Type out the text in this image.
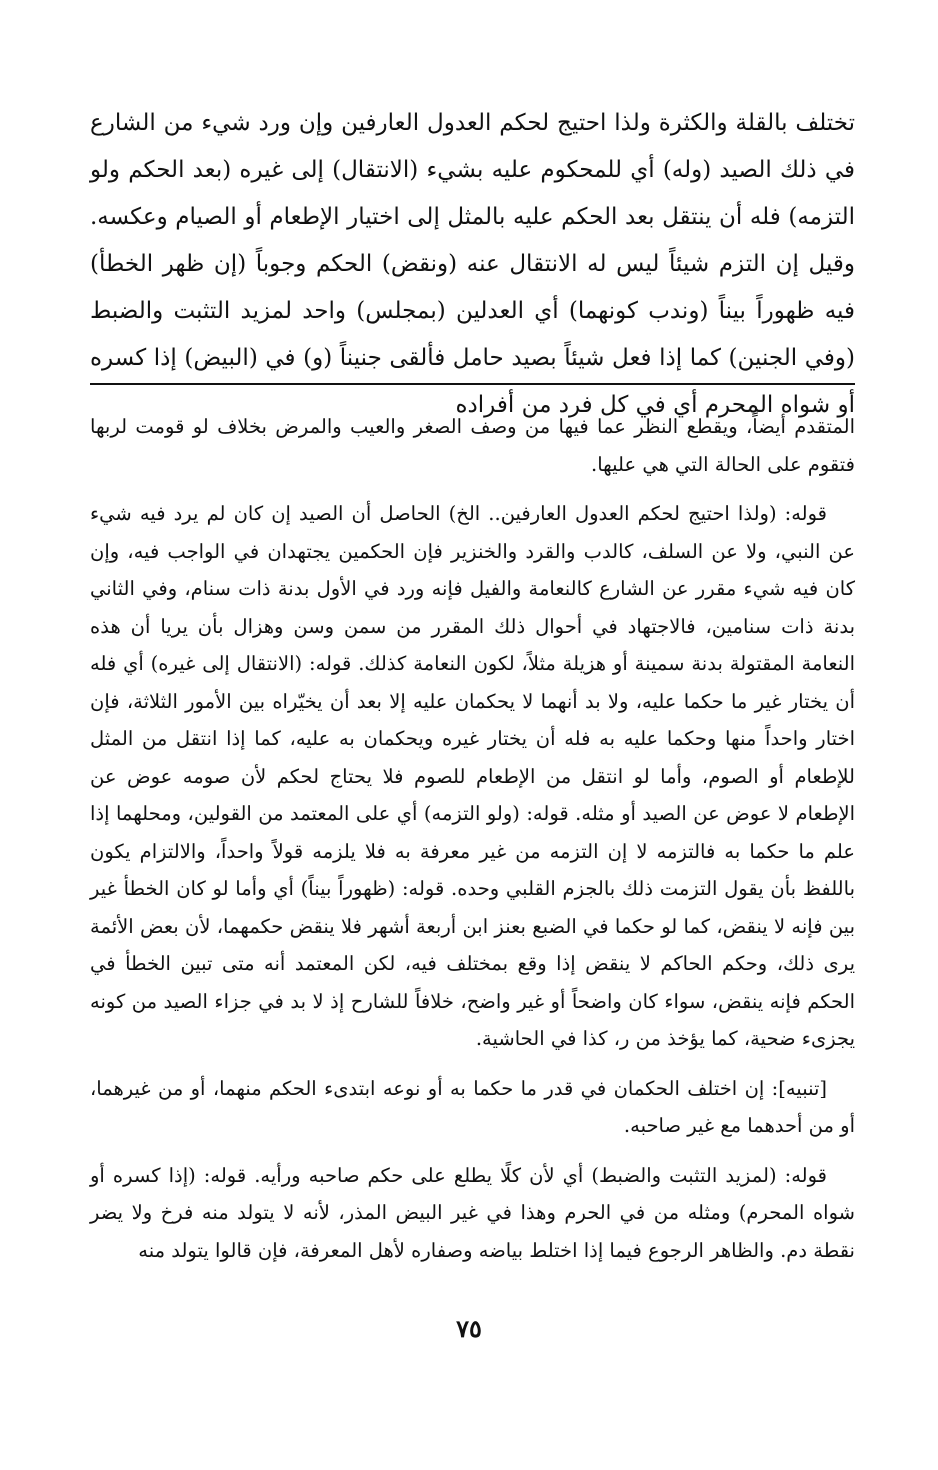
تختلف بالقلة والكثرة ولذا احتيج لحكم العدول العارفين وإن ورد شيء من الشارع في ذلك الصيد (وله) أي للمحكوم عليه بشيء (الانتقال) إلى غيره (بعد الحكم ولو التزمه) فله أن ينتقل بعد الحكم عليه بالمثل إلى اختيار الإطعام أو الصيام وعكسه. وقيل إن التزم شيئاً ليس له الانتقال عنه (ونقض) الحكم وجوباً (إن ظهر الخطأ) فيه ظهوراً بيناً (وندب كونهما) أي العدلين (بمجلس) واحد لمزيد التثبت والضبط (وفي الجنين) كما إذا فعل شيئاً بصيد حامل فألقى جنيناً (و) في (البيض) إذا كسره أو شواه المحرم أي في كل فرد من أفراده

المتقدم أيضاً، ويقطع النظر عما فيها من وصف الصغر والعيب والمرض بخلاف لو قومت لربها فتقوم على الحالة التي هي عليها.

قوله: (ولذا احتيج لحكم العدول العارفين.. الخ) الحاصل أن الصيد إن كان لم يرد فيه شيء عن النبي، ولا عن السلف، كالدب والقرد والخنزير فإن الحكمين يجتهدان في الواجب فيه، وإن كان فيه شيء مقرر عن الشارع كالنعامة والفيل فإنه ورد في الأول بدنة ذات سنام، وفي الثاني بدنة ذات سنامين، فالاجتهاد في أحوال ذلك المقرر من سمن وسن وهزال بأن يريا أن هذه النعامة المقتولة بدنة سمينة أو هزيلة مثلاً، لكون النعامة كذلك. قوله: (الانتقال إلى غيره) أي فله أن يختار غير ما حكما عليه، ولا بد أنهما لا يحكمان عليه إلا بعد أن يخيّراه بين الأمور الثلاثة، فإن اختار واحداً منها وحكما عليه به فله أن يختار غيره ويحكمان به عليه، كما إذا انتقل من المثل للإطعام أو الصوم، وأما لو انتقل من الإطعام للصوم فلا يحتاج لحكم لأن صومه عوض عن الإطعام لا عوض عن الصيد أو مثله. قوله: (ولو التزمه) أي على المعتمد من القولين، ومحلهما إذا علم ما حكما به فالتزمه لا إن التزمه من غير معرفة به فلا يلزمه قولاً واحداً، والالتزام يكون باللفظ بأن يقول التزمت ذلك بالجزم القلبي وحده. قوله: (ظهوراً بيناً) أي وأما لو كان الخطأ غير بين فإنه لا ينقض، كما لو حكما في الضبع بعنز ابن أربعة أشهر فلا ينقض حكمهما، لأن بعض الأئمة يرى ذلك، وحكم الحاكم لا ينقض إذا وقع بمختلف فيه، لكن المعتمد أنه متى تبين الخطأ في الحكم فإنه ينقض، سواء كان واضحاً أو غير واضح، خلافاً للشارح إذ لا بد في جزاء الصيد من كونه يجزىء ضحية، كما يؤخذ من ر، كذا في الحاشية.

[تنبيه]: إن اختلف الحكمان في قدر ما حكما به أو نوعه ابتدىء الحكم منهما، أو من غيرهما، أو من أحدهما مع غير صاحبه.

قوله: (لمزيد التثبت والضبط) أي لأن كلًا يطلع على حكم صاحبه ورأيه. قوله: (إذا كسره أو شواه المحرم) ومثله من في الحرم وهذا في غير البيض المذر، لأنه لا يتولد منه فرخ ولا يضر نقطة دم. والظاهر الرجوع فيما إذا اختلط بياضه وصفاره لأهل المعرفة، فإن قالوا يتولد منه

٧٥
